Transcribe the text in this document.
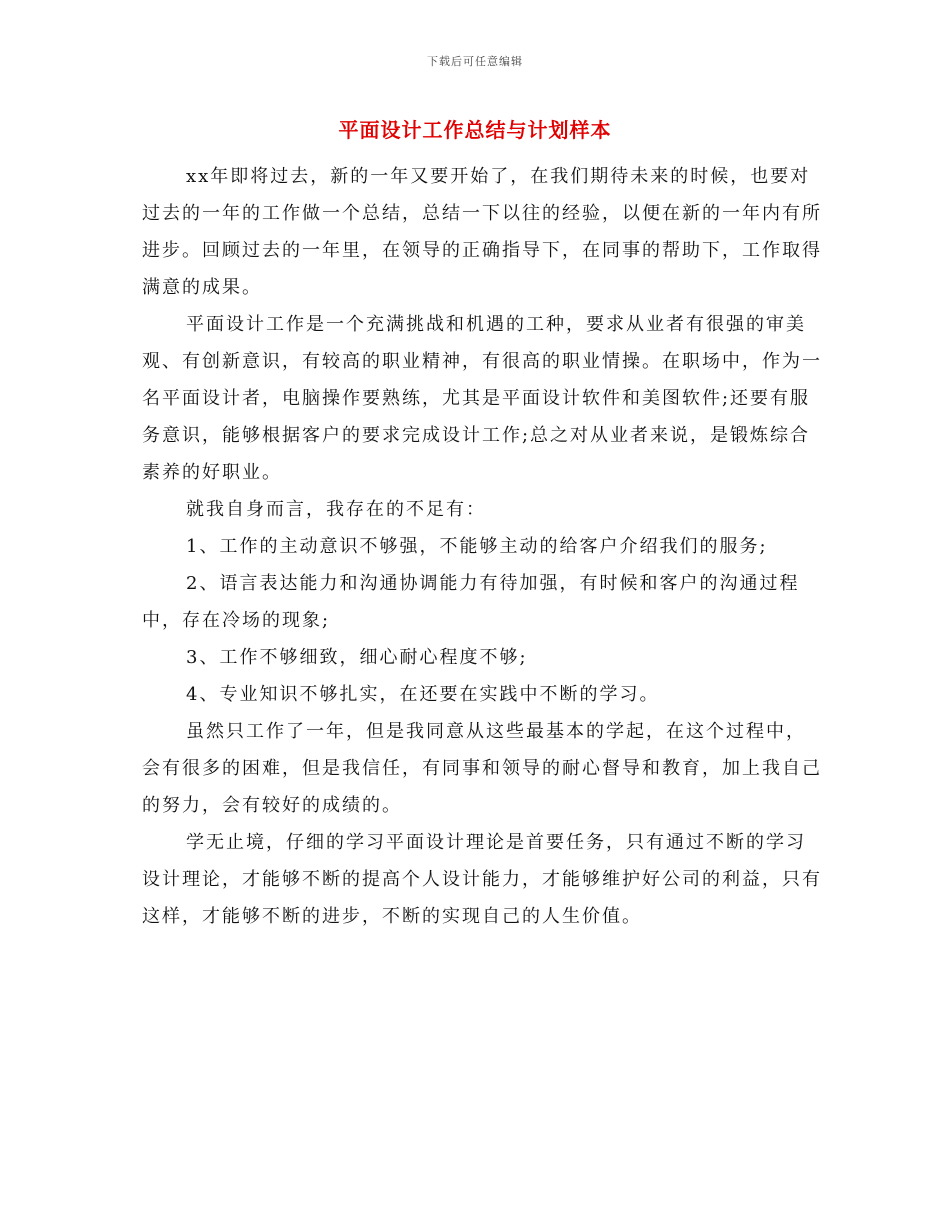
下载后可任意编辑
平面设计工作总结与计划样本

xx年即将过去，新的一年又要开始了，在我们期待未来的时候，也要对过去的一年的工作做一个总结，总结一下以往的经验，以便在新的一年内有所进步。回顾过去的一年里，在领导的正确指导下，在同事的帮助下，工作取得满意的成果。

平面设计工作是一个充满挑战和机遇的工种，要求从业者有很强的审美观、有创新意识，有较高的职业精神，有很高的职业情操。在职场中，作为一名平面设计者，电脑操作要熟练，尤其是平面设计软件和美图软件;还要有服务意识，能够根据客户的要求完成设计工作;总之对从业者来说，是锻炼综合素养的好职业。

就我自身而言，我存在的不足有：

1、工作的主动意识不够强，不能够主动的给客户介绍我们的服务;

2、语言表达能力和沟通协调能力有待加强，有时候和客户的沟通过程中，存在冷场的现象;

3、工作不够细致，细心耐心程度不够;

4、专业知识不够扎实，在还要在实践中不断的学习。

虽然只工作了一年，但是我同意从这些最基本的学起，在这个过程中，会有很多的困难，但是我信任，有同事和领导的耐心督导和教育，加上我自己的努力，会有较好的成绩的。

学无止境，仔细的学习平面设计理论是首要任务，只有通过不断的学习设计理论，才能够不断的提高个人设计能力，才能够维护好公司的利益，只有这样，才能够不断的进步，不断的实现自己的人生价值。
